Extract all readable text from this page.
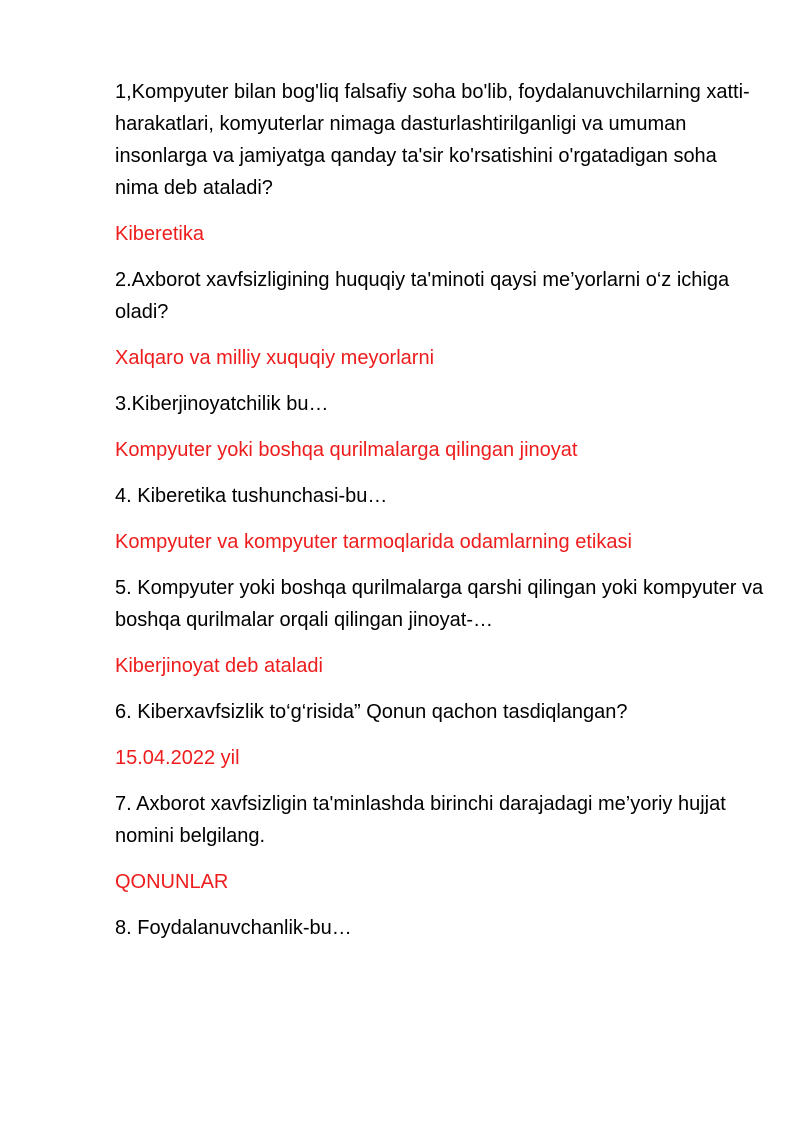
1,Kompyuter bilan bog'liq falsafiy soha bo'lib, foydalanuvchilarning xatti-harakatlari, komyuterlar nimaga dasturlashtirilganligi va umuman insonlarga va jamiyatga qanday ta'sir ko'rsatishini o'rgatadigan soha nima deb ataladi?

Kiberetika

2.Axborot xavfsizligining huquqiy ta'minoti qaysi me’yorlarni o‘z ichiga oladi?

Xalqaro va milliy xuquqiy meyorlarni

3.Kiberjinoyatchilik bu…

Kompyuter yoki boshqa qurilmalarga qilingan jinoyat

4. Kiberetika tushunchasi-bu…

Kompyuter va kompyuter tarmoqlarida odamlarning etikasi

5. Kompyuter yoki boshqa qurilmalarga qarshi qilingan yoki kompyuter va boshqa qurilmalar orqali qilingan jinoyat-…

Kiberjinoyat deb ataladi

6. Kiberxavfsizlik to‘g‘risida” Qonun qachon tasdiqlangan?

15.04.2022 yil

7. Axborot xavfsizligin ta'minlashda birinchi darajadagi me’yoriy hujjat nomini belgilang.

QONUNLAR

8. Foydalanuvchanlik-bu…
